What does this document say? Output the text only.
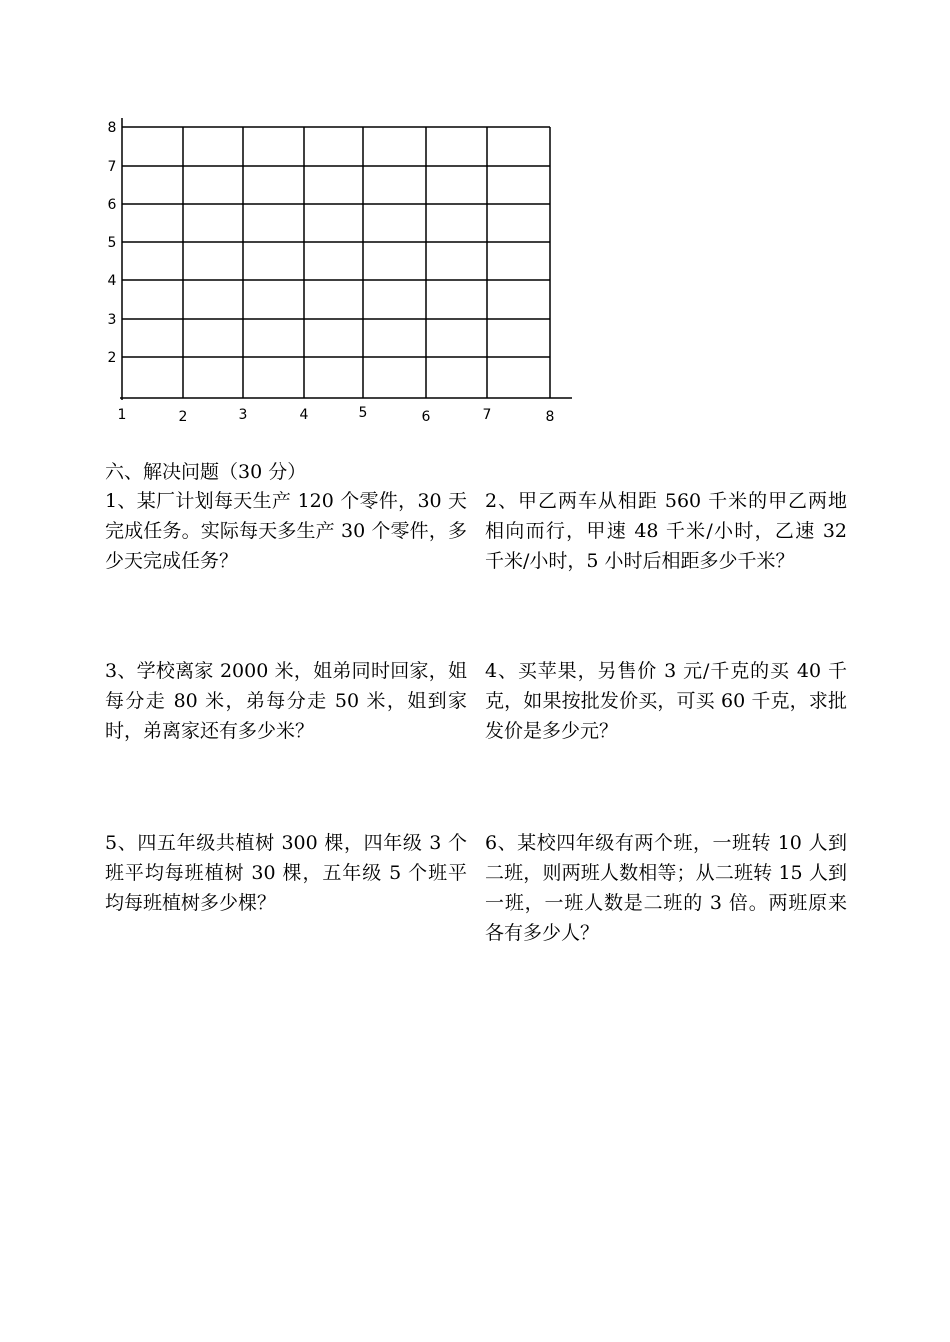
2
3
4
5
6
7
8
1	2	3	4	5	6	7	8
六、解决问题（30 分）
1、某厂计划每天生产 120 个零件，30 天完成任务。实际每天多生产 30 个零件，多少天完成任务？
2、甲乙两车从相距 560 千米的甲乙两地相向而行，甲速 48 千米/小时，乙速 32 千米/小时，5 小时后相距多少千米？
3、学校离家 2000 米，姐弟同时回家，姐每分走 80 米，弟每分走 50 米，姐到家时，弟离家还有多少米？
4、买苹果，另售价 3 元/千克的买 40 千克，如果按批发价买，可买 60 千克，求批发价是多少元？
5、四五年级共植树 300 棵，四年级 3 个班平均每班植树 30 棵，五年级 5 个班平均每班植树多少棵？
6、某校四年级有两个班，一班转 10 人到二班，则两班人数相等；从二班转 15 人到一班，一班人数是二班的 3 倍。两班原来各有多少人？
